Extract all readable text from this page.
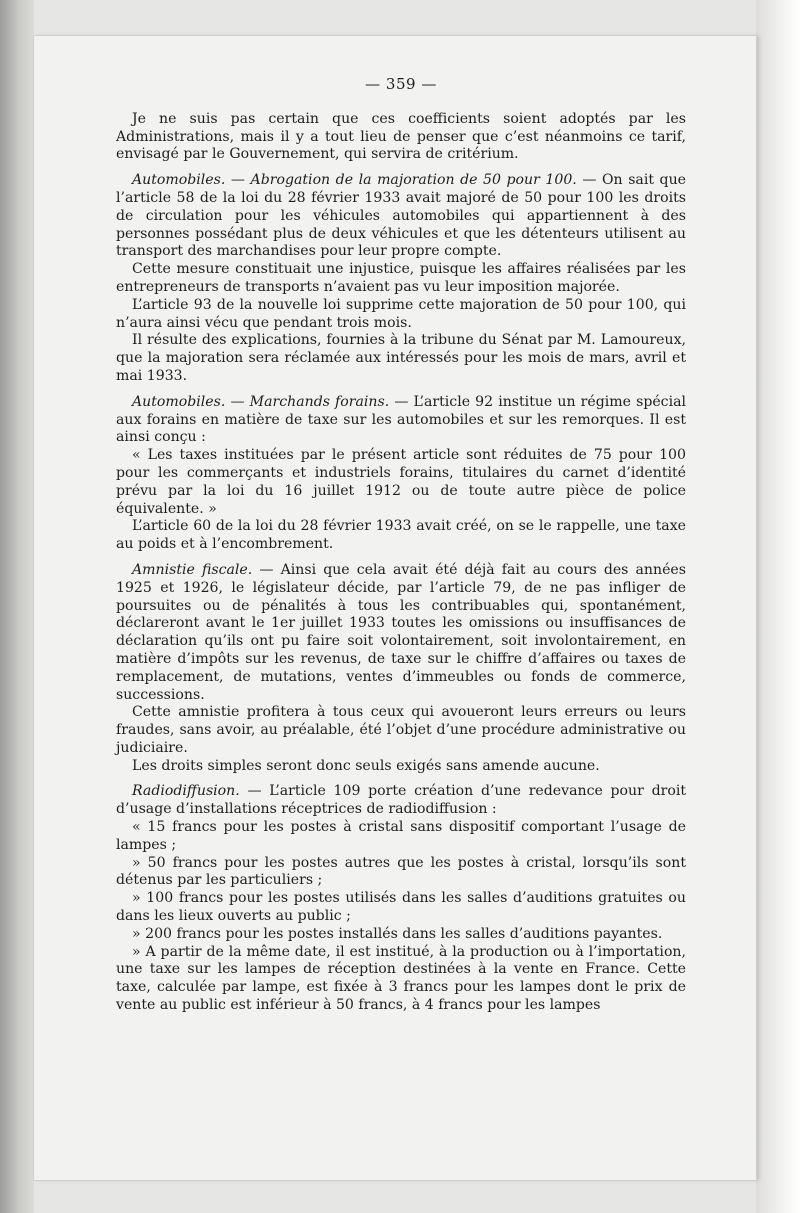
— 359 —

Je ne suis pas certain que ces coefficients soient adoptés par les Administrations, mais il y a tout lieu de penser que c’est néanmoins ce tarif, envisagé par le Gouvernement, qui servira de critérium.

Automobiles. — Abrogation de la majoration de 50 pour 100. — On sait que l’article 58 de la loi du 28 février 1933 avait majoré de 50 pour 100 les droits de circulation pour les véhicules automobiles qui appartiennent à des personnes possédant plus de deux véhicules et que les détenteurs utilisent au transport des marchandises pour leur propre compte.

Cette mesure constituait une injustice, puisque les affaires réalisées par les entrepreneurs de transports n’avaient pas vu leur imposition majorée.

L’article 93 de la nouvelle loi supprime cette majoration de 50 pour 100, qui n’aura ainsi vécu que pendant trois mois.

Il résulte des explications, fournies à la tribune du Sénat par M. Lamoureux, que la majoration sera réclamée aux intéressés pour les mois de mars, avril et mai 1933.

Automobiles. — Marchands forains. — L’article 92 institue un régime spécial aux forains en matière de taxe sur les automobiles et sur les remorques. Il est ainsi conçu :

« Les taxes instituées par le présent article sont réduites de 75 pour 100 pour les commerçants et industriels forains, titulaires du carnet d’identité prévu par la loi du 16 juillet 1912 ou de toute autre pièce de police équivalente. »

L’article 60 de la loi du 28 février 1933 avait créé, on se le rappelle, une taxe au poids et à l’encombrement.

Amnistie fiscale. — Ainsi que cela avait été déjà fait au cours des années 1925 et 1926, le législateur décide, par l’article 79, de ne pas infliger de poursuites ou de pénalités à tous les contribuables qui, spontanément, déclareront avant le 1er juillet 1933 toutes les omissions ou insuffisances de déclaration qu’ils ont pu faire soit volontairement, soit involontairement, en matière d’impôts sur les revenus, de taxe sur le chiffre d’affaires ou taxes de remplacement, de mutations, ventes d’immeubles ou fonds de commerce, successions.

Cette amnistie profitera à tous ceux qui avoueront leurs erreurs ou leurs fraudes, sans avoir, au préalable, été l’objet d’une procédure administrative ou judiciaire.

Les droits simples seront donc seuls exigés sans amende aucune.

Radiodiffusion. — L’article 109 porte création d’une redevance pour droit d’usage d’installations réceptrices de radiodiffusion :

« 15 francs pour les postes à cristal sans dispositif comportant l’usage de lampes ;

» 50 francs pour les postes autres que les postes à cristal, lorsqu’ils sont détenus par les particuliers ;

» 100 francs pour les postes utilisés dans les salles d’auditions gratuites ou dans les lieux ouverts au public ;

» 200 francs pour les postes installés dans les salles d’auditions payantes.

» A partir de la même date, il est institué, à la production ou à l’importation, une taxe sur les lampes de réception destinées à la vente en France. Cette taxe, calculée par lampe, est fixée à 3 francs pour les lampes dont le prix de vente au public est inférieur à 50 francs, à 4 francs pour les lampes
